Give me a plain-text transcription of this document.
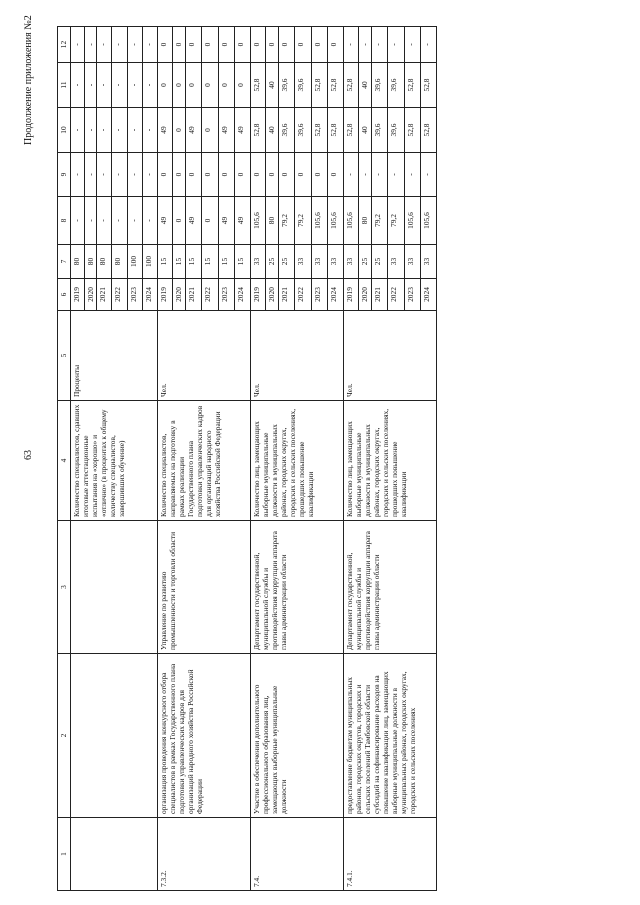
63
Продолжение приложения №2
1	2	3	4	5	6	7	8	9	10	11	12
			Количество специалистов, сдавших итоговые аттестационные испытания на «хорошо» и «отлично» (в процентах к общему количеству специалистов, завершивших обучение)	Проценты	2019	80	-	-	-	-	-
					2020	80	-	-	-	-	-
					2021	80	-	-	-	-	-
					2022	80	-	-	-	-	-
					2023	100	-	-	-	-	-
					2024	100	-	-	-	-	-
7.3.2.	организация проведения конкурсного отбора специалистов в рамках Государственного плана подготовки управленческих кадров для организаций народного хозяйства Российской Федерации	Управление по развитию промышленности и торговли области	Количество специалистов, направляемых на подготовку в рамках реализации Государственного плана подготовки управленческих кадров для организаций народного хозяйства Российской Федерации	Чел.	2019	15	49	0	49	0	0
					2020	15	0	0	0	0	0
					2021	15	49	0	49	0	0
					2022	15	0	0	0	0	0
					2023	15	49	0	49	0	0
					2024	15	49	0	49	0	0
7.4.	Участие в обеспечении дополнительного профессионального образования лиц, замещающих выборные муниципальные должности	Департамент государственной, муниципальной службы и противодействия коррупции аппарата главы администрации области	Количество лиц, замещающих выборные муниципальные должности в муниципальных районах, городских округах, городских и сельских поселениях, прошедших повышение квалификации	Чел.	2019	33	105,6	0	52,8	52,8	0
					2020	25	80	0	40	40	0
					2021	25	79,2	0	39,6	39,6	0
					2022	33	79,2	0	39,6	39,6	0
					2023	33	105,6	0	52,8	52,8	0
					2024	33	105,6	0	52,8	52,8	0
7.4.1.	предоставление бюджетам муниципальных районов, городских округов, городских и сельских поселений Тамбовской области субсидий на софинансирование расходов на повышение квалификации лиц, замещающих выборные муниципальные должности в муниципальных районах, городских округах, городских и сельских поселениях	Департамент государственной, муниципальной службы и противодействия коррупции аппарата главы администрации области	Количество лиц, замещающих выборные муниципальные должности в муниципальных районах, городских округах, городских и сельских поселениях, прошедших повышение квалификации	Чел.	2019	33	105,6	-	52,8	52,8	-
					2020	25	80	-	40	40	-
					2021	25	79,2	-	39,6	39,6	-
					2022	33	79,2	-	39,6	39,6	-
					2023	33	105,6	-	52,8	52,8	-
					2024	33	105,6	-	52,8	52,8	-
